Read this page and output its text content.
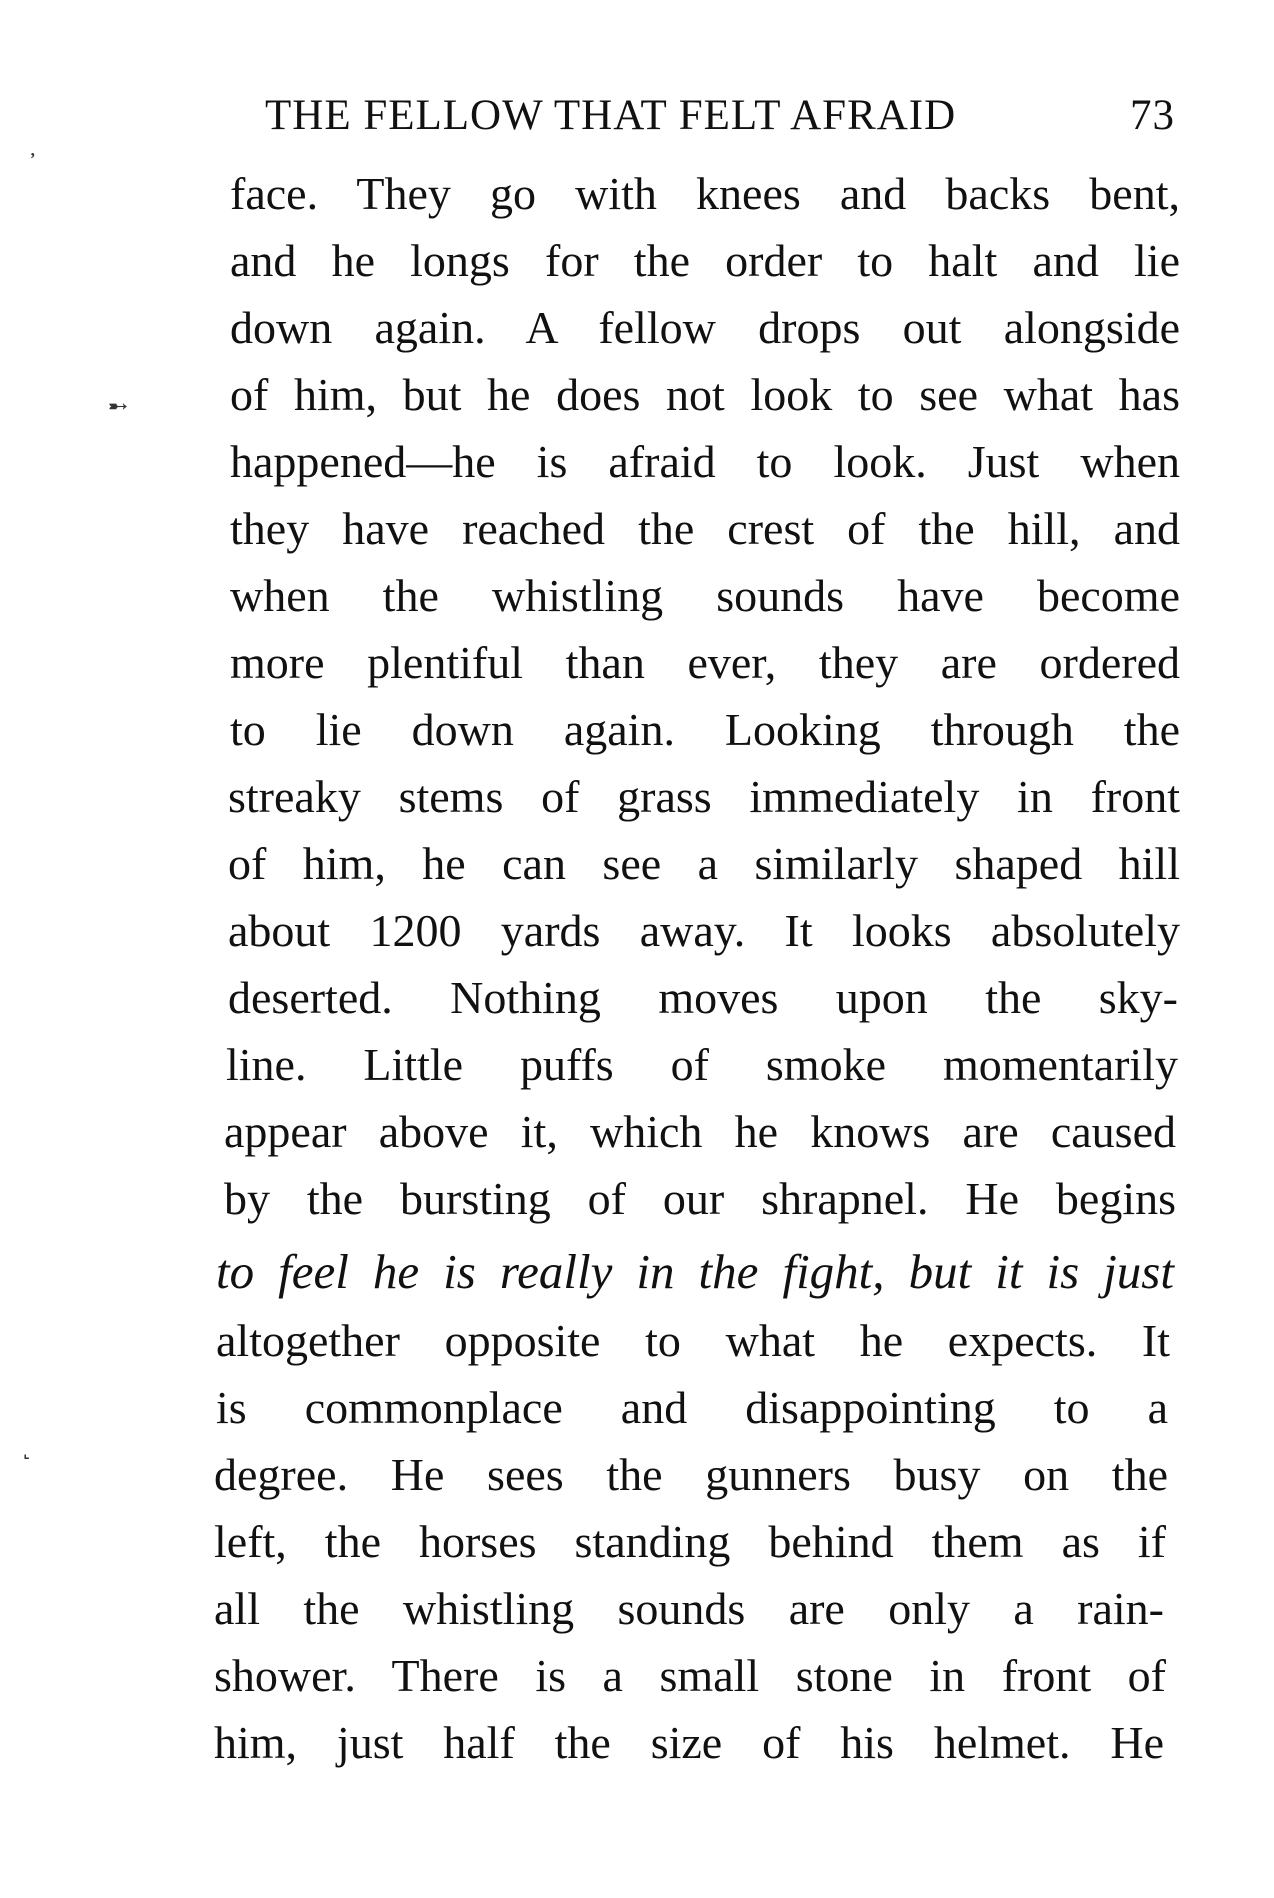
THE FELLOW THAT FELT AFRAID	73
᾽
➸
˻
face. They go with knees and backs bent,
and he longs for the order to halt and lie
down again. A fellow drops out alongside
of him, but he does not look to see what has
happened—he is afraid to look. Just when
they have reached the crest of the hill, and
when the whistling sounds have become
more plentiful than ever, they are ordered
to lie down again. Looking through the
streaky stems of grass immediately in front
of him, he can see a similarly shaped hill
about 1200 yards away. It looks absolutely
deserted. Nothing moves upon the sky-
line. Little puffs of smoke momentarily
appear above it, which he knows are caused
by the bursting of our shrapnel. He begins
to feel he is really in the fight, but it is just
altogether opposite to what he expects. It
is commonplace and disappointing to a
degree. He sees the gunners busy on the
left, the horses standing behind them as if
all the whistling sounds are only a rain-
shower. There is a small stone in front of
him, just half the size of his helmet. He
